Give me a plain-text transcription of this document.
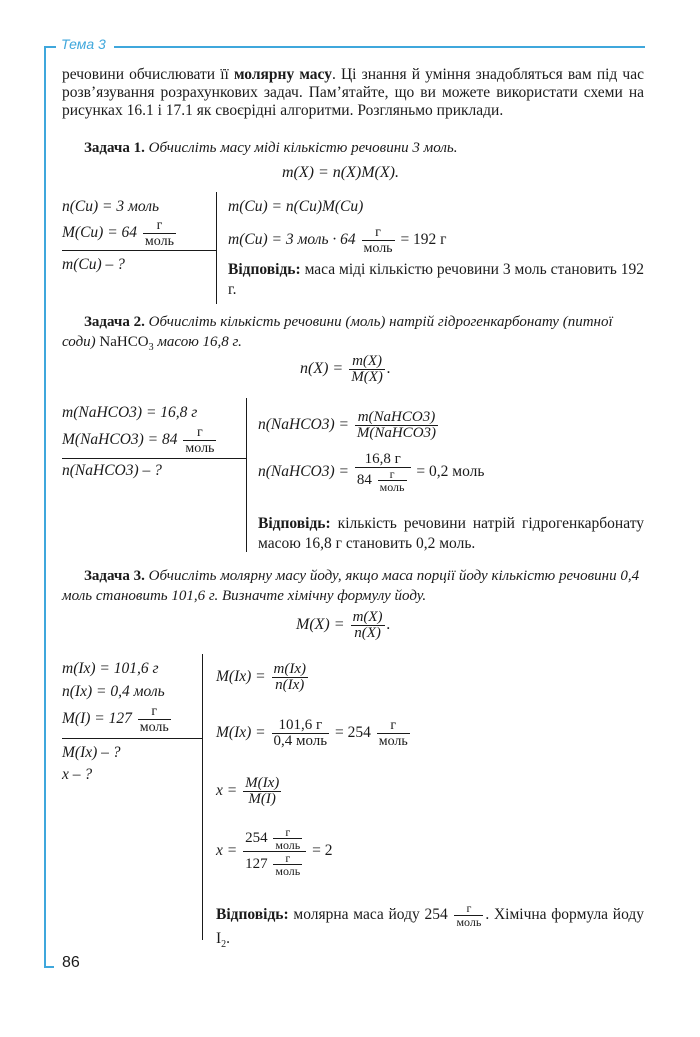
Тема 3
86
речовини обчислювати її молярну масу. Ці знання й уміння знадобляться вам під час розв’язування розрахункових задач. Пам’ятайте, що ви можете використати схеми на рисунках 16.1 і 17.1 як своєрідні алгоритми. Розгляньмо приклади.
Задача 1. Обчисліть масу міді кількістю речовини 3 моль.
m(X) = n(X)M(X).
n(Cu) = 3 моль
$M(Cu) = 64 \frac{г}{\text{моль}}$
m(Cu) – ?
m(Cu) = n(Cu)M(Cu)
m(Cu) = 3 моль · $64 \frac{г}{\text{моль}} = 192$ г
Відповідь: маса міді кількістю речовини 3 моль становить 192 г.
Задача 2. Обчисліть кількість речовини (моль) натрій гідрогенкарбонату (питної соди) NaHCO$_3$ масою 16,8 г.
$n(X) = \frac{m(X)}{M(X)}$ .
m(NaHCO3) = 16,8 г
M(NaHCO3) = $84 \frac{г}{\text{моль}}$
n(NaHCO3) – ?
n(NaHCO3) = $\frac{\text{m(NaHCO3)}}{\text{M(NaHCO3)}}$
n(NaHCO3) = $\frac{16,8 г}{84 \frac{г}{\text{моль}}} = 0,2$ моль
Відповідь: кількість речовини натрій гідрогенкарбонату масою 16,8 г становить 0,2 моль.
Задача 3. Обчисліть молярну масу йоду, якщо маса порції йоду кількістю речовини 0,4 моль становить 101,6 г. Визначте хімічну формулу йоду.
$M(X) = \frac{m(X)}{n(X)}$ .
m(Ix) = 101,6 г
n(Ix) = 0,4 моль
$M(I) = 127 \frac{г}{\text{моль}}$
M(Ix) – ?
x – ?
$M(Ix) = \frac{m(Ix)}{n(Ix)}$
$M(Ix) = \frac{101,6 г}{\text{0,4 моль}} = 254 \frac{г}{\text{моль}}$
$x = \frac{M(Ix)}{M(I)}$
$x = \frac{254 \frac{г}{\text{моль}}}{127 \frac{г}{\text{моль}}} = 2$
Відповідь: молярна маса йоду $254 \frac{г}{\text{моль}}$ . Хімічна формула йоду $I_2$.
